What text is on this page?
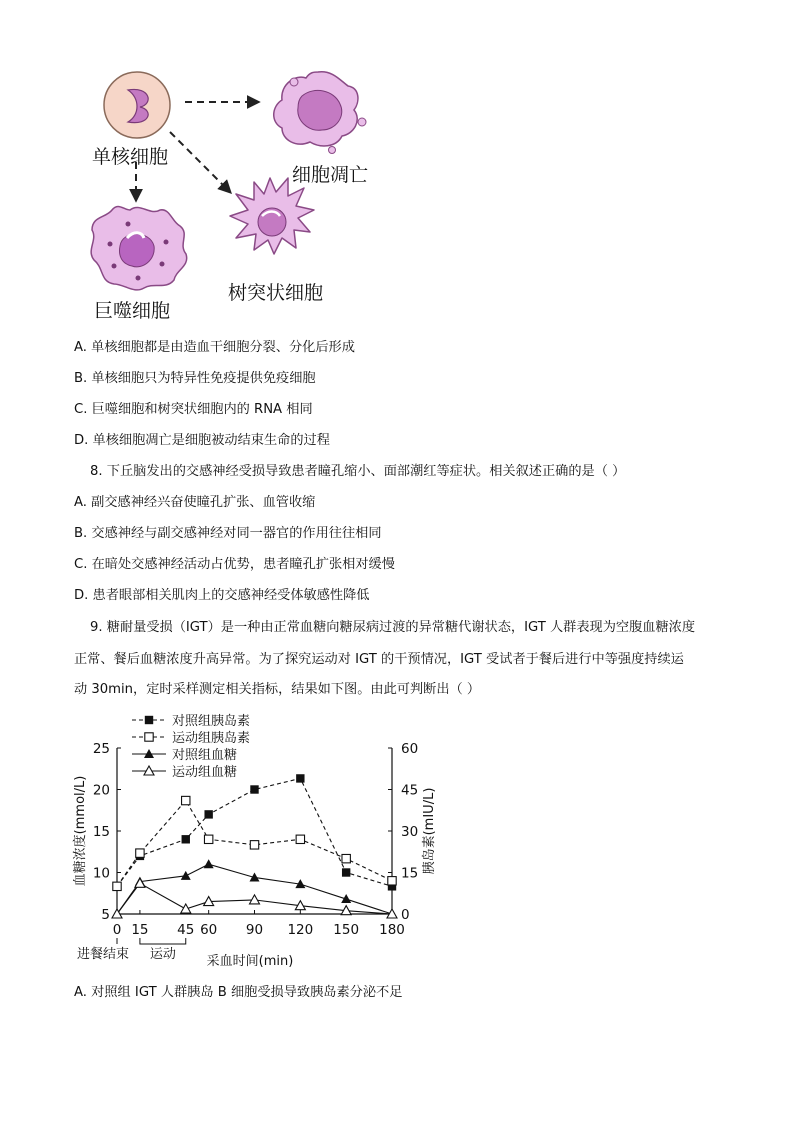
单核细胞
细胞凋亡
巨噬细胞
树突状细胞
A. 单核细胞都是由造血干细胞分裂、分化后形成
B. 单核细胞只为特异性免疫提供免疫细胞
C. 巨噬细胞和树突状细胞内的 RNA 相同
D. 单核细胞凋亡是细胞被动结束生命的过程
8. 下丘脑发出的交感神经受损导致患者瞳孔缩小、面部潮红等症状。相关叙述正确的是（ ）
A. 副交感神经兴奋使瞳孔扩张、血管收缩
B. 交感神经与副交感神经对同一器官的作用往往相同
C. 在暗处交感神经活动占优势，患者瞳孔扩张相对缓慢
D. 患者眼部相关肌肉上的交感神经受体敏感性降低
9. 糖耐量受损（IGT）是一种由正常血糖向糖尿病过渡的异常糖代谢状态，IGT 人群表现为空腹血糖浓度
正常、餐后血糖浓度升高异常。为了探究运动对 IGT 的干预情况，IGT 受试者于餐后进行中等强度持续运
动 30min，定时采样测定相关指标，结果如下图。由此可判断出（ ）
5
10
15
20
25
0
15
30
45
60
0 15 45 60 90 120 150 180
血糖浓度(mmol/L)	胰岛素(mIU/L)
采血时间(min)
进餐结束 运动
对照组胰岛素
运动组胰岛素
对照组血糖
运动组血糖
A. 对照组 IGT 人群胰岛 B 细胞受损导致胰岛素分泌不足
